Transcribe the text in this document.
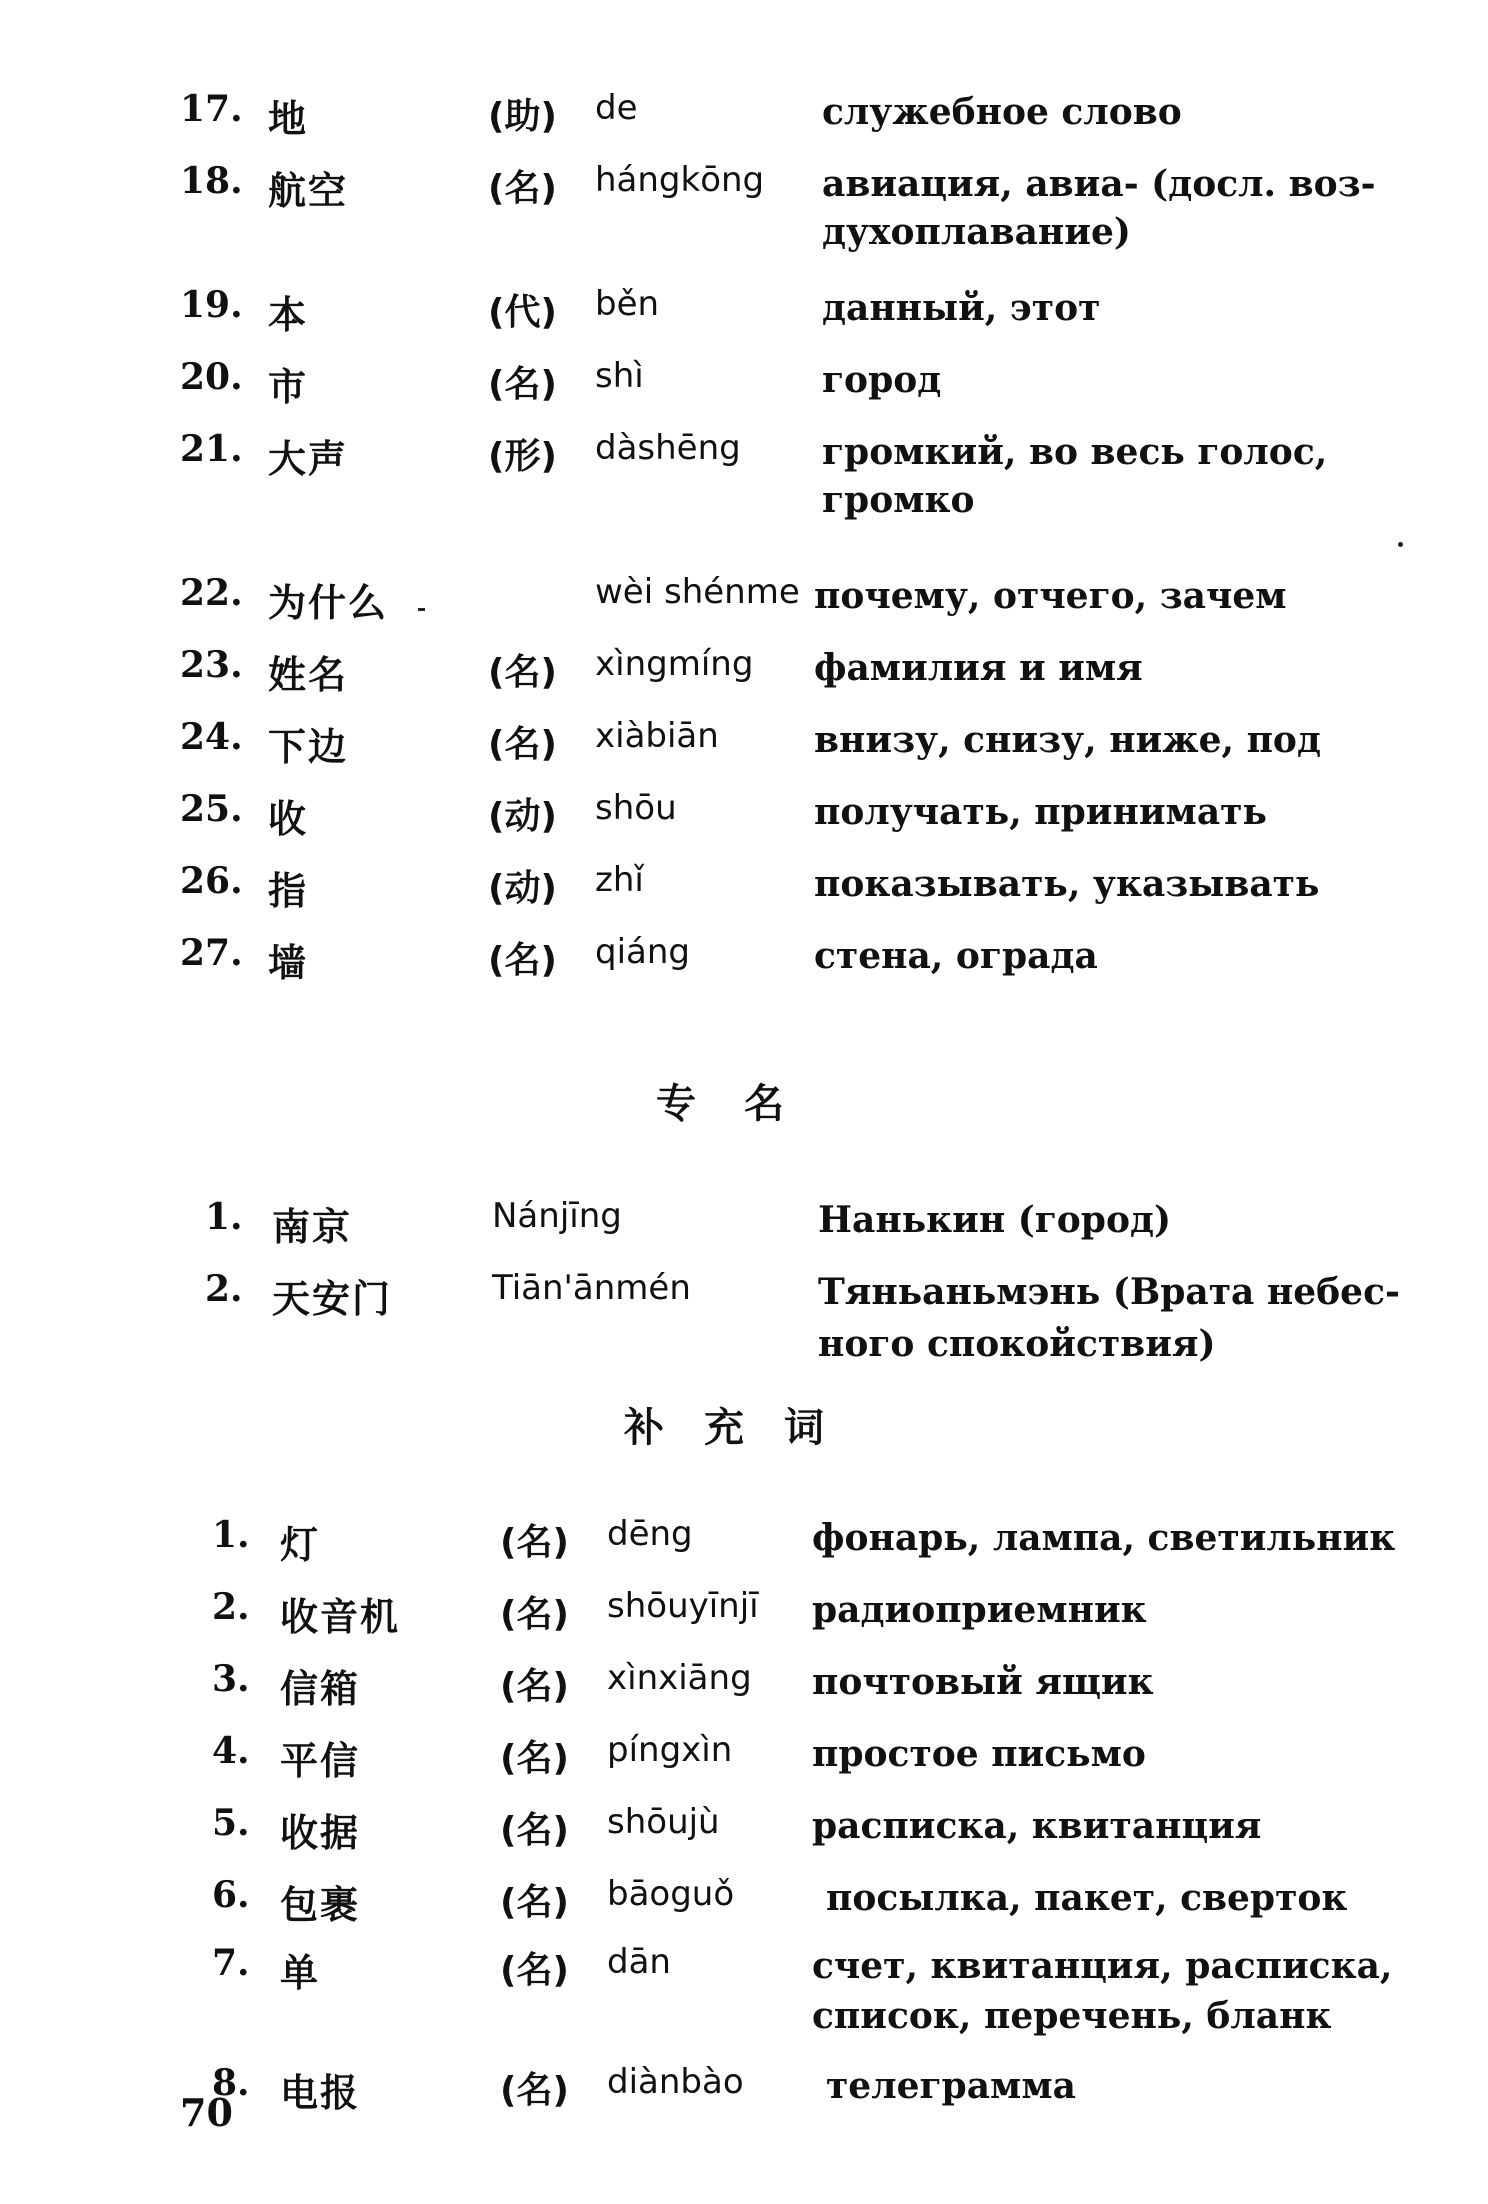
17. 地	(助) de	служебное слово
18. 航空	(名) hángkōng авиация, авиа- (досл. воз-
духоплавание)
19. 本	(代) běn	данный, этот
20. 市	(名) shì	город
21. 大声	(形) dàshēng громкий, во весь голос,
громко
22. 为什么	wèi shénme почему, отчего, зачем
23. 姓名	(名) xìngmíng фамилия и имя
24. 下边	(名) xiàbiān	внизу, снизу, ниже, под
25. 收	(动) shōu	получать, принимать
26. 指	(动) zhǐ	показывать, указывать
27. 墙	(名) qiáng	стена, ограда
专名
1. 南京	Nánjīng	Нанькин (город)
2. 天安门	Tiān'ānmén	Тяньаньмэнь (Врата небес-
ного спокойствия)
补充词
1. 灯	(名) dēng	фонарь, лампа, светильник
2. 收音机	(名) shōuyīnjī радиоприемник
3. 信箱	(名) xìnxiāng почтовый ящик
4. 平信	(名) píngxìn простое письмо
5. 收据	(名) shōujù	расписка, квитанция
6. 包裹	(名) bāoguǒ	посылка, пакет, сверток
7. 单	(名) dān	счет, квитанция, расписка,
список, перечень, бланк
8. 电报	(名) diànbào телеграмма
70
